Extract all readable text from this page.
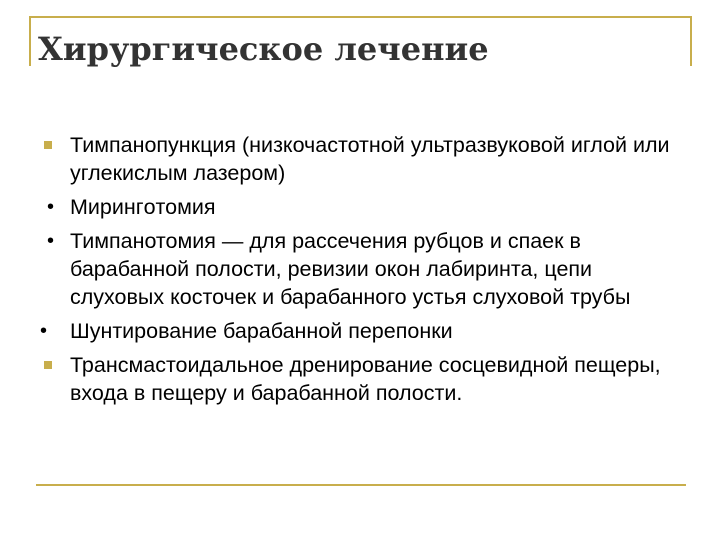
Хирургическое лечение
Тимпанопункция (низкочастотной ультразвуковой иглой или углекислым лазером)
• Мирингoтомия
• Тимпанотомия — для рассечения рубцов и спаек в барабанной полости, ревизии окон лабиринта, цепи слуховых косточек и барабанного устья слуховой трубы
• Шунтирование барабанной перепонки
Трансмастоидальное дренирование сосцевидной пещеры, входа в пещеру и барабанной полости.
